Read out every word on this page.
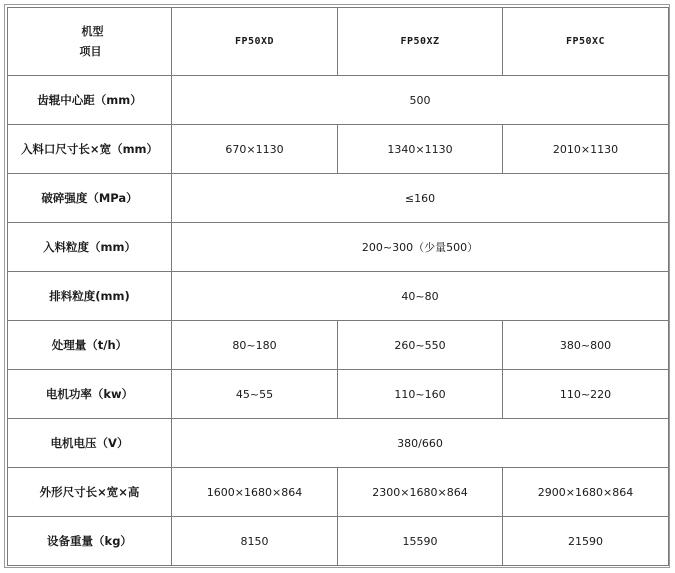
机型
项目	FP50XD	FP50XZ	FP50XC
齿辊中心距（mm）	500		
入料口尺寸长×宽（mm）	670×1130	1340×1130	2010×1130
破碎强度（MPa）	≤160		
入料粒度（mm）	200~300（少量500）		
排料粒度(mm)	40~80		
处理量（t/h）	80~180	260~550	380~800
电机功率（kw）	45~55	110~160	110~220
电机电压（V）	380/660		
外形尺寸长×宽×高	1600×1680×864	2300×1680×864	2900×1680×864
设备重量（kg）	8150	15590	21590
